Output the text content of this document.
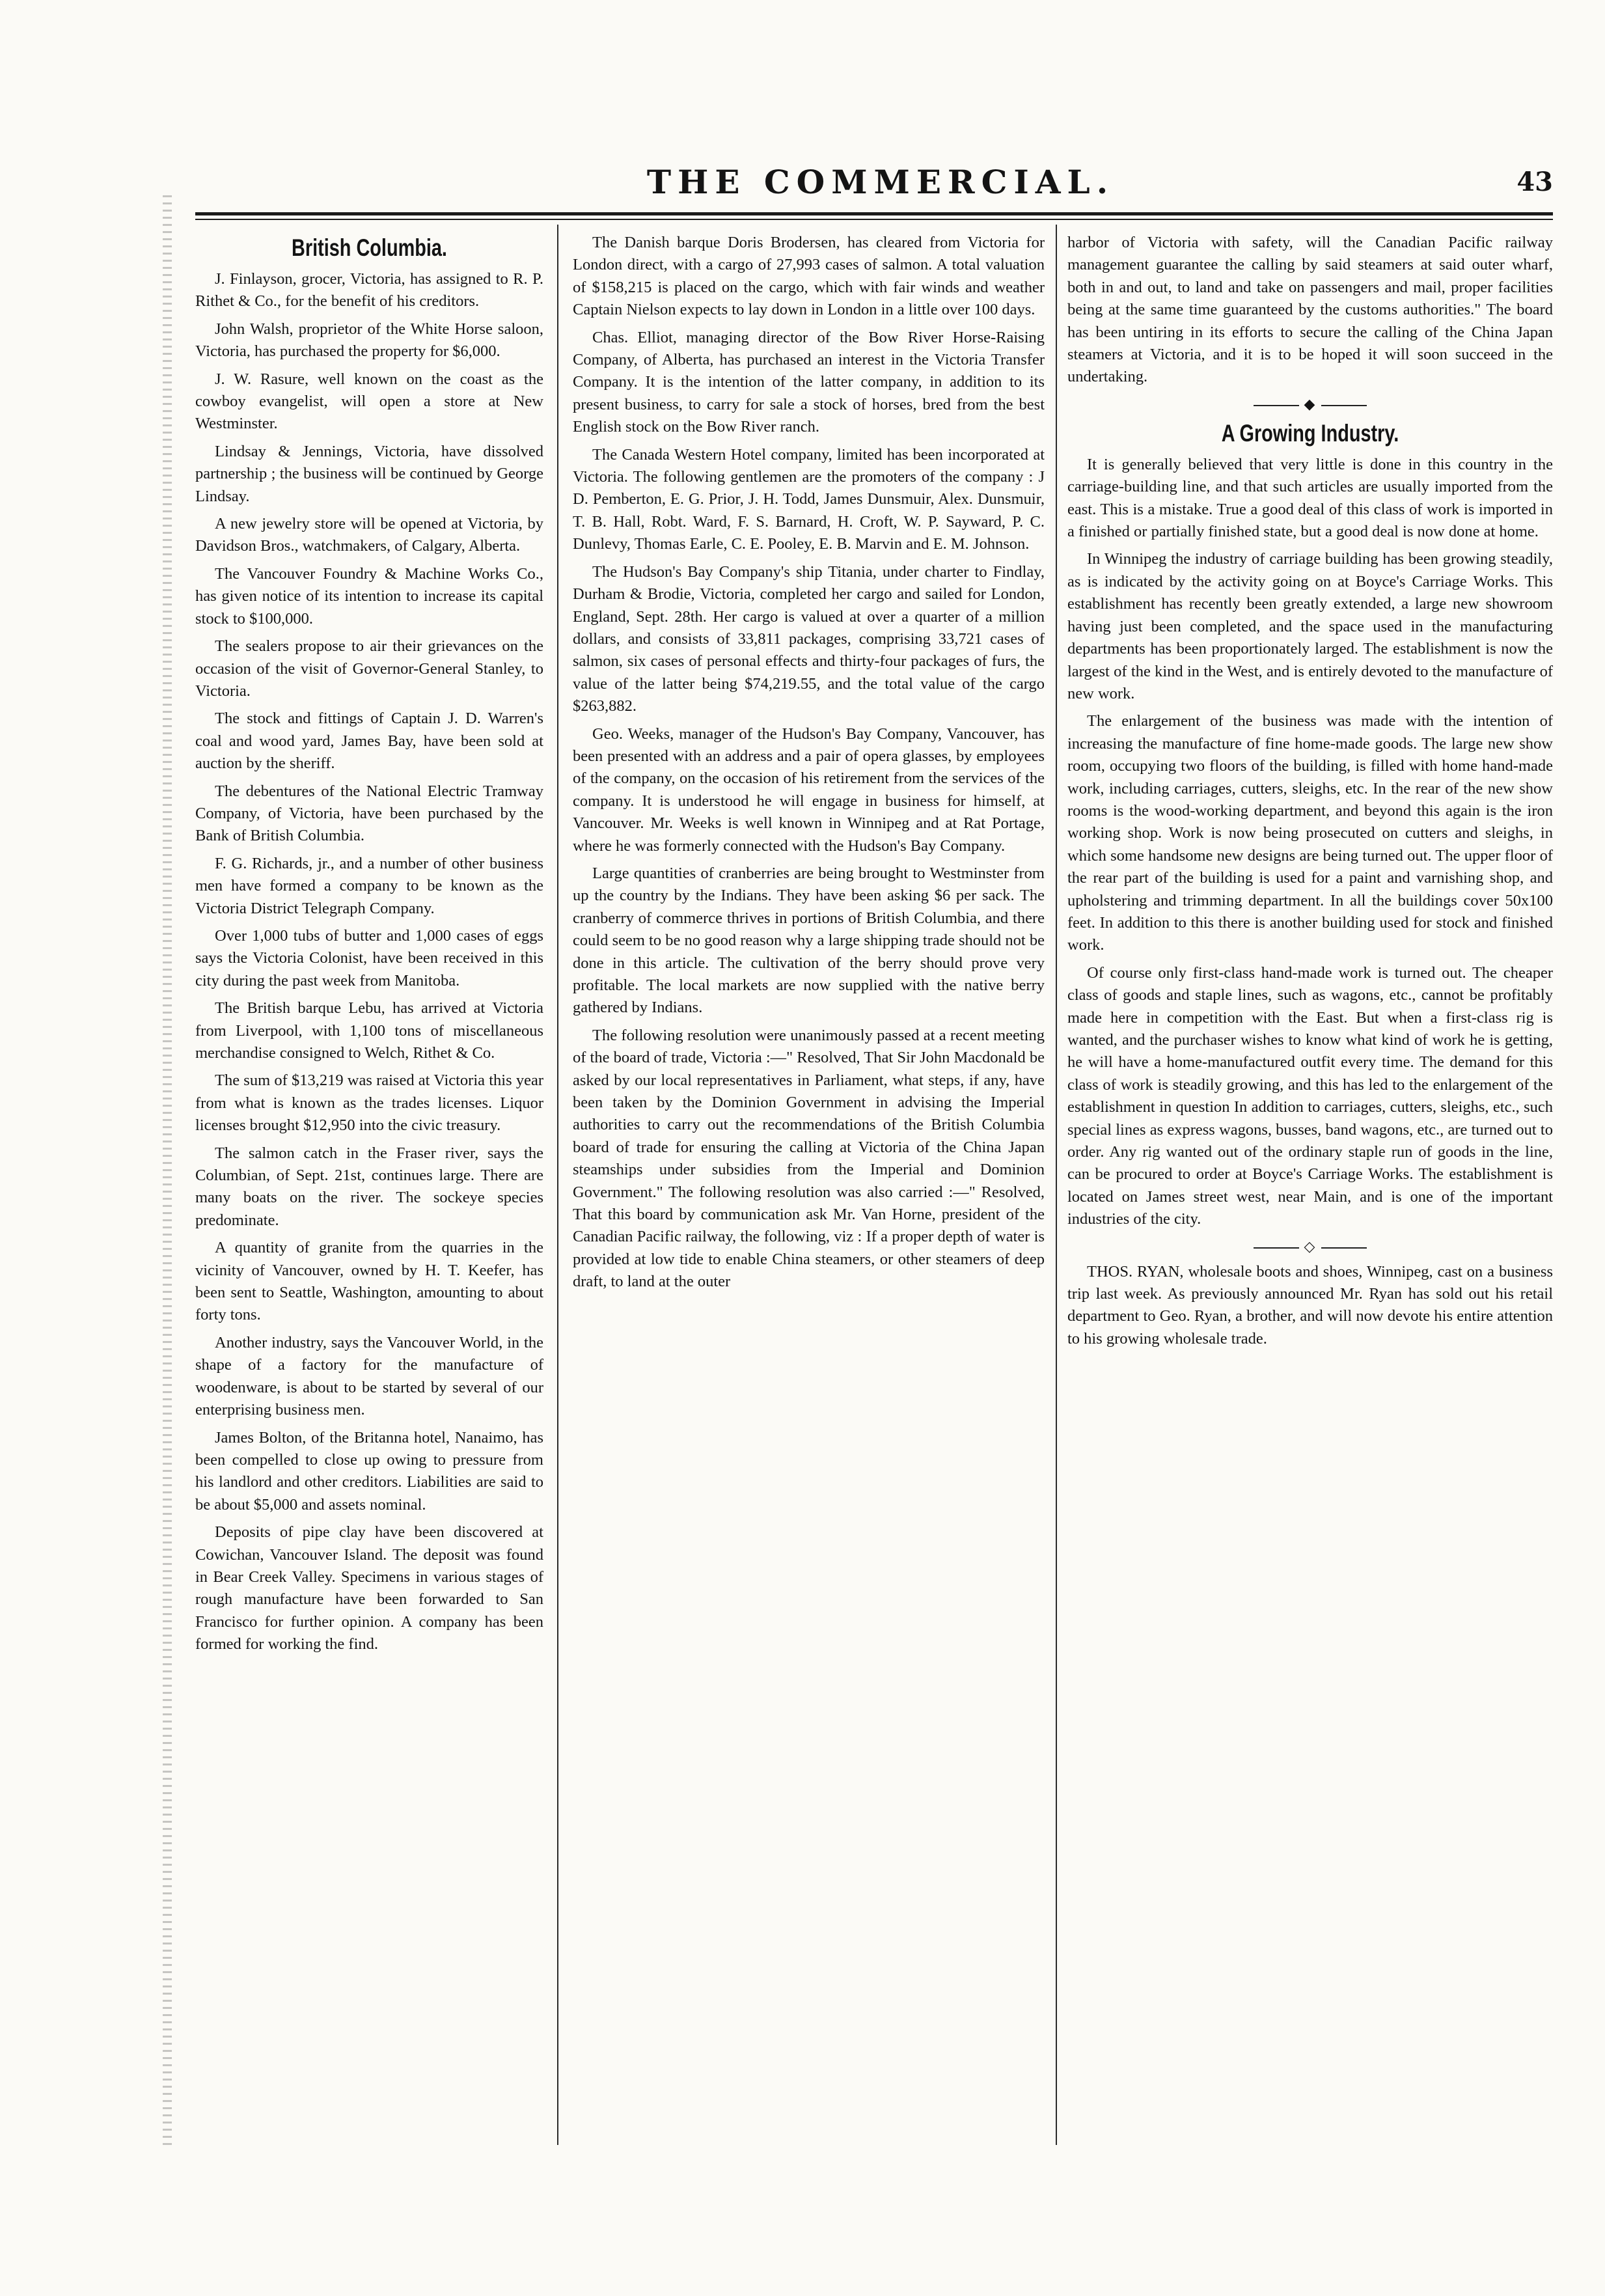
THE COMMERCIAL.	43
British Columbia.

J. Finlayson, grocer, Victoria, has assigned to R. P. Rithet & Co., for the benefit of his creditors.

John Walsh, proprietor of the White Horse saloon, Victoria, has purchased the property for $6,000.

J. W. Rasure, well known on the coast as the cowboy evangelist, will open a store at New Westminster.

Lindsay & Jennings, Victoria, have dissolved partnership ; the business will be continued by George Lindsay.

A new jewelry store will be opened at Victoria, by Davidson Bros., watchmakers, of Calgary, Alberta.

The Vancouver Foundry & Machine Works Co., has given notice of its intention to increase its capital stock to $100,000.

The sealers propose to air their grievances on the occasion of the visit of Governor-General Stanley, to Victoria.

The stock and fittings of Captain J. D. Warren's coal and wood yard, James Bay, have been sold at auction by the sheriff.

The debentures of the National Electric Tramway Company, of Victoria, have been purchased by the Bank of British Columbia.

F. G. Richards, jr., and a number of other business men have formed a company to be known as the Victoria District Telegraph Company.

Over 1,000 tubs of butter and 1,000 cases of eggs says the Victoria Colonist, have been received in this city during the past week from Manitoba.

The British barque Lebu, has arrived at Victoria from Liverpool, with 1,100 tons of miscellaneous merchandise consigned to Welch, Rithet & Co.

The sum of $13,219 was raised at Victoria this year from what is known as the trades licenses. Liquor licenses brought $12,950 into the civic treasury.

The salmon catch in the Fraser river, says the Columbian, of Sept. 21st, continues large. There are many boats on the river. The sockeye species predominate.

A quantity of granite from the quarries in the vicinity of Vancouver, owned by H. T. Keefer, has been sent to Seattle, Washington, amounting to about forty tons.

Another industry, says the Vancouver World, in the shape of a factory for the manufacture of woodenware, is about to be started by several of our enterprising business men.

James Bolton, of the Britanna hotel, Nanaimo, has been compelled to close up owing to pressure from his landlord and other creditors. Liabilities are said to be about $5,000 and assets nominal.

Deposits of pipe clay have been discovered at Cowichan, Vancouver Island. The deposit was found in Bear Creek Valley. Specimens in various stages of rough manufacture have been forwarded to San Francisco for further opinion. A company has been formed for working the find.

The Danish barque Doris Brodersen, has cleared from Victoria for London direct, with a cargo of 27,993 cases of salmon. A total valuation of $158,215 is placed on the cargo, which with fair winds and weather Captain Nielson expects to lay down in London in a little over 100 days.

Chas. Elliot, managing director of the Bow River Horse-Raising Company, of Alberta, has purchased an interest in the Victoria Transfer Company. It is the intention of the latter company, in addition to its present business, to carry for sale a stock of horses, bred from the best English stock on the Bow River ranch.

The Canada Western Hotel company, limited has been incorporated at Victoria. The following gentlemen are the promoters of the company : J D. Pemberton, E. G. Prior, J. H. Todd, James Dunsmuir, Alex. Dunsmuir, T. B. Hall, Robt. Ward, F. S. Barnard, H. Croft, W. P. Sayward, P. C. Dunlevy, Thomas Earle, C. E. Pooley, E. B. Marvin and E. M. Johnson.

The Hudson's Bay Company's ship Titania, under charter to Findlay, Durham & Brodie, Victoria, completed her cargo and sailed for London, England, Sept. 28th. Her cargo is valued at over a quarter of a million dollars, and consists of 33,811 packages, comprising 33,721 cases of salmon, six cases of personal effects and thirty-four packages of furs, the value of the latter being $74,219.55, and the total value of the cargo $263,882.

Geo. Weeks, manager of the Hudson's Bay Company, Vancouver, has been presented with an address and a pair of opera glasses, by employees of the company, on the occasion of his retirement from the services of the company. It is understood he will engage in business for himself, at Vancouver. Mr. Weeks is well known in Winnipeg and at Rat Portage, where he was formerly connected with the Hudson's Bay Company.

Large quantities of cranberries are being brought to Westminster from up the country by the Indians. They have been asking $6 per sack. The cranberry of commerce thrives in portions of British Columbia, and there could seem to be no good reason why a large shipping trade should not be done in this article. The cultivation of the berry should prove very profitable. The local markets are now supplied with the native berry gathered by Indians.

The following resolution were unanimously passed at a recent meeting of the board of trade, Victoria :—" Resolved, That Sir John Macdonald be asked by our local representatives in Parliament, what steps, if any, have been taken by the Dominion Government in advising the Imperial authorities to carry out the recommendations of the British Columbia board of trade for ensuring the calling at Victoria of the China Japan steamships under subsidies from the Imperial and Dominion Government." The following resolution was also carried :—" Resolved, That this board by communication ask Mr. Van Horne, president of the Canadian Pacific railway, the following, viz : If a proper depth of water is provided at low tide to enable China steamers, or other steamers of deep draft, to land at the outer

harbor of Victoria with safety, will the Canadian Pacific railway management guarantee the calling by said steamers at said outer wharf, both in and out, to land and take on passengers and mail, proper facilities being at the same time guaranteed by the customs authorities." The board has been untiring in its efforts to secure the calling of the China Japan steamers at Victoria, and it is to be hoped it will soon succeed in the undertaking.

◆
A Growing Industry.

It is generally believed that very little is done in this country in the carriage-building line, and that such articles are usually imported from the east. This is a mistake. True a good deal of this class of work is imported in a finished or partially finished state, but a good deal is now done at home.

In Winnipeg the industry of carriage building has been growing steadily, as is indicated by the activity going on at Boyce's Carriage Works. This establishment has recently been greatly extended, a large new showroom having just been completed, and the space used in the manufacturing departments has been proportionately larged. The establishment is now the largest of the kind in the West, and is entirely devoted to the manufacture of new work.

The enlargement of the business was made with the intention of increasing the manufacture of fine home-made goods. The large new show room, occupying two floors of the building, is filled with home hand-made work, including carriages, cutters, sleighs, etc. In the rear of the new show rooms is the wood-working department, and beyond this again is the iron working shop. Work is now being prosecuted on cutters and sleighs, in which some handsome new designs are being turned out. The upper floor of the rear part of the building is used for a paint and varnishing shop, and upholstering and trimming department. In all the buildings cover 50x100 feet. In addition to this there is another building used for stock and finished work.

Of course only first-class hand-made work is turned out. The cheaper class of goods and staple lines, such as wagons, etc., cannot be profitably made here in competition with the East. But when a first-class rig is wanted, and the purchaser wishes to know what kind of work he is getting, he will have a home-manufactured outfit every time. The demand for this class of work is steadily growing, and this has led to the enlargement of the establishment in question In addition to carriages, cutters, sleighs, etc., such special lines as express wagons, busses, band wagons, etc., are turned out to order. Any rig wanted out of the ordinary staple run of goods in the line, can be procured to order at Boyce's Carriage Works. The establishment is located on James street west, near Main, and is one of the important industries of the city.

◇

THOS. RYAN, wholesale boots and shoes, Winnipeg, cast on a business trip last week. As previously announced Mr. Ryan has sold out his retail department to Geo. Ryan, a brother, and will now devote his entire attention to his growing wholesale trade.
